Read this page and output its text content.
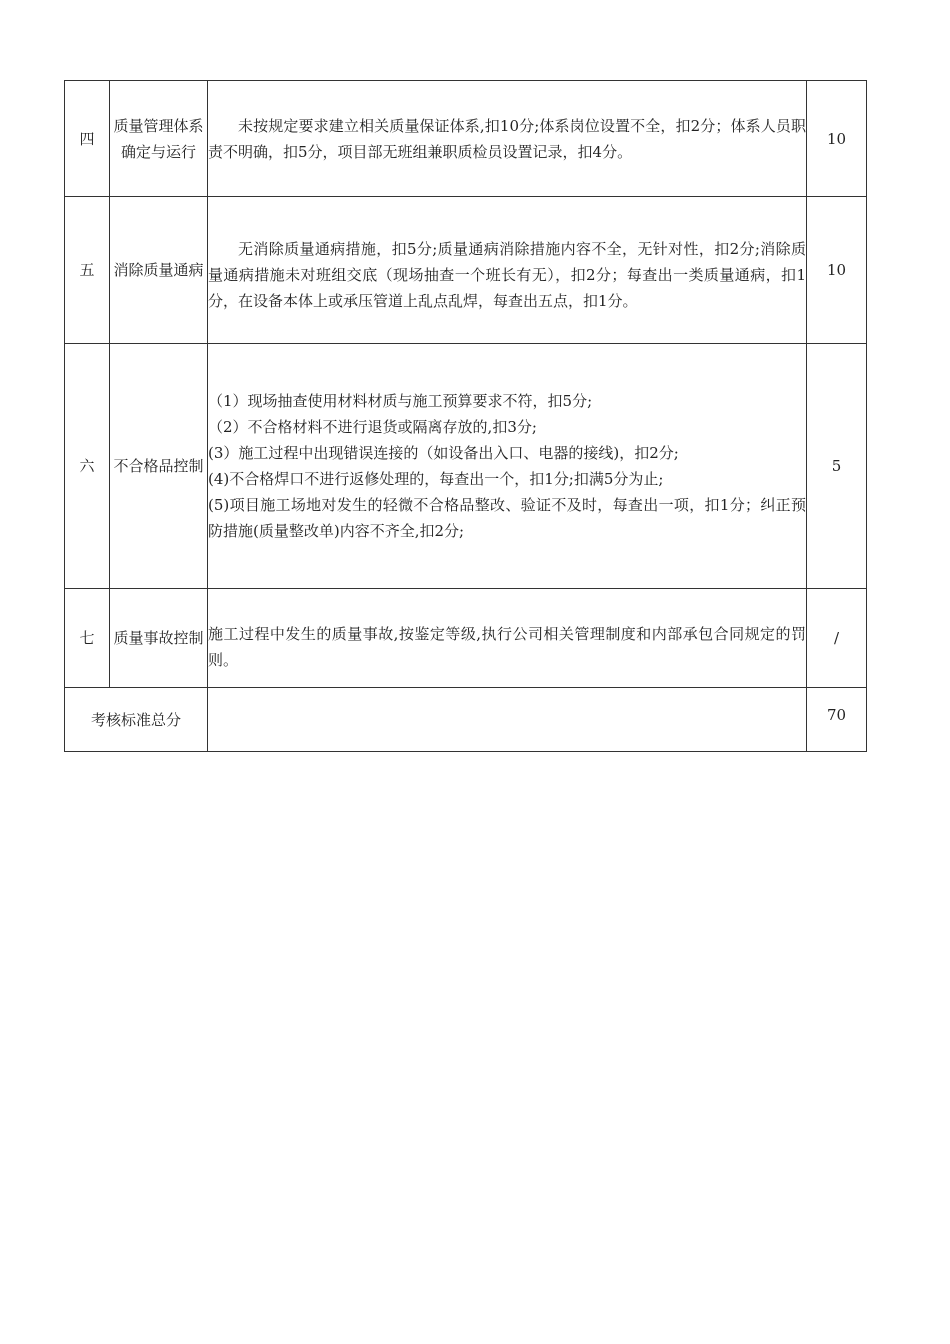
四	质量管理体系确定与运行	未按规定要求建立相关质量保证体系,扣10分;体系岗位设置不全，扣2分；体系人员职责不明确，扣5分，项目部无班组兼职质检员设置记录，扣4分。	10
五	消除质量通病	无消除质量通病措施，扣5分;质量通病消除措施内容不全，无针对性，扣2分;消除质量通病措施未对班组交底（现场抽查一个班长有无），扣2分；每查出一类质量通病，扣1分，在设备本体上或承压管道上乱点乱焊，每查出五点，扣1分。	10
六	不合格品控制	（1）现场抽查使用材料材质与施工预算要求不符，扣5分;

（2）不合格材料不进行退货或隔离存放的,扣3分;

(3）施工过程中出现错误连接的（如设备出入口、电器的接线)，扣2分;

(4)不合格焊口不进行返修处理的，每查出一个，扣1分;扣满5分为止;

(5)项目施工场地对发生的轻微不合格品整改、验证不及时，每查出一项，扣1分；纠正预防措施(质量整改单)内容不齐全,扣2分;	5
七	质量事故控制	施工过程中发生的质量事故,按鉴定等级,执行公司相关管理制度和内部承包合同规定的罚则。	/
考核标准总分			70
